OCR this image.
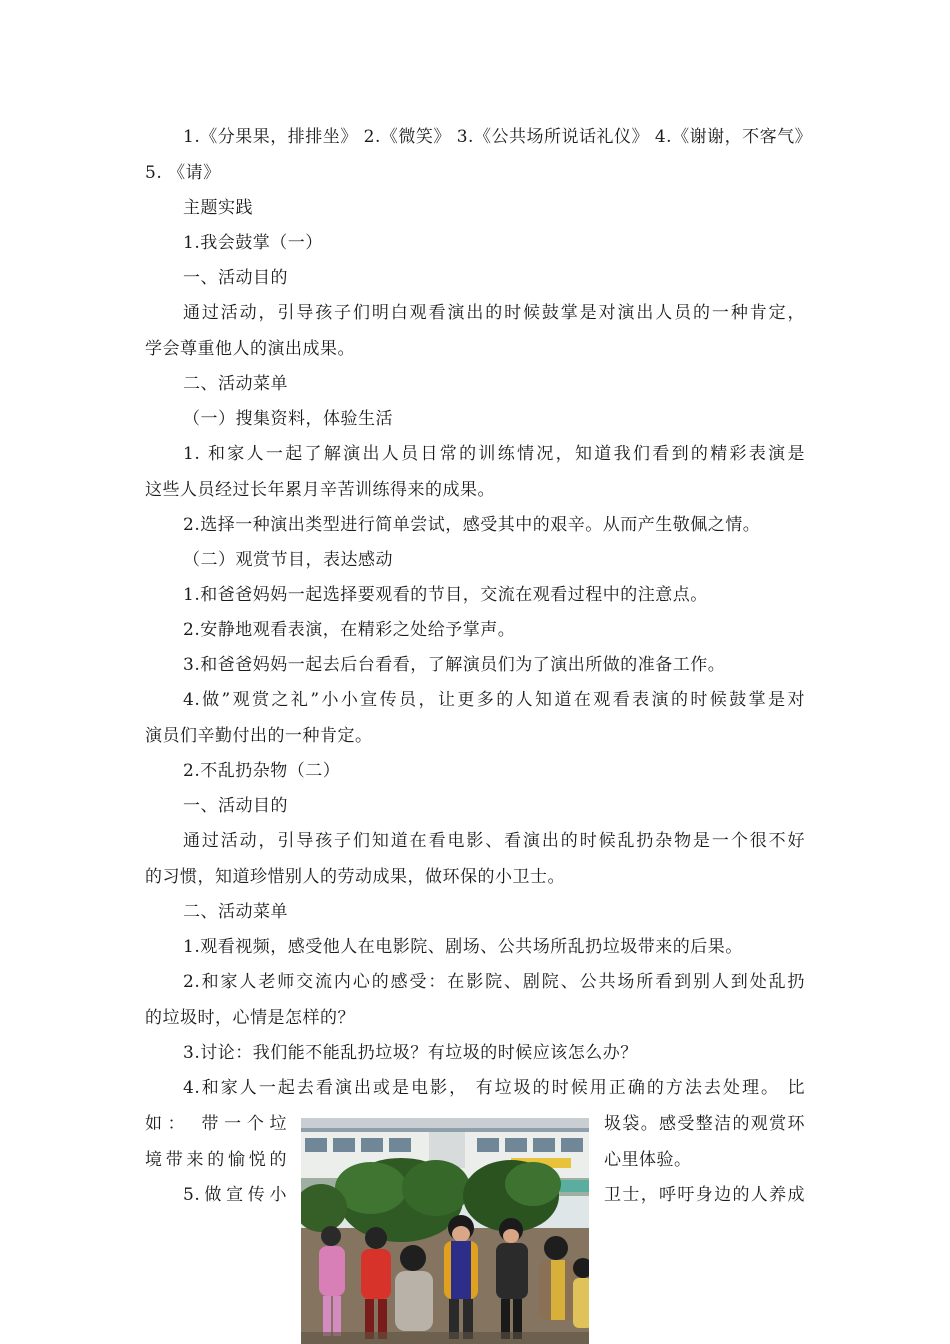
1.《分果果，排排坐》 2.《微笑》 3.《公共场所说话礼仪》 4.《谢谢，不客气》
5. 《请》
主题实践
1.我会鼓掌（一）
一、活动目的
通过活动，引导孩子们明白观看演出的时候鼓掌是对演出人员的一种肯定，
学会尊重他人的演出成果。
二、活动菜单
（一）搜集资料，体验生活
1. 和家人一起了解演出人员日常的训练情况，知道我们看到的精彩表演是
这些人员经过长年累月辛苦训练得来的成果。
2.选择一种演出类型进行简单尝试，感受其中的艰辛。从而产生敬佩之情。
（二）观赏节目，表达感动
1.和爸爸妈妈一起选择要观看的节目，交流在观看过程中的注意点。
2.安静地观看表演，在精彩之处给予掌声。
3.和爸爸妈妈一起去后台看看，了解演员们为了演出所做的准备工作。
4.做”观赏之礼”小小宣传员，让更多的人知道在观看表演的时候鼓掌是对
演员们辛勤付出的一种肯定。
2.不乱扔杂物（二）
一、活动目的
通过活动，引导孩子们知道在看电影、看演出的时候乱扔杂物是一个很不好
的习惯，知道珍惜别人的劳动成果，做环保的小卫士。
二、活动菜单
1.观看视频，感受他人在电影院、剧场、公共场所乱扔垃圾带来的后果。
2.和家人老师交流内心的感受：在影院、剧院、公共场所看到别人到处乱扔
的垃圾时，心情是怎样的？
3.讨论：我们能不能乱扔垃圾？有垃圾的时候应该怎么办？
4.和家人一起去看演出或是电影， 有垃圾的时候用正确的方法去处理。 比
如： 带一个垃	圾袋。感受整洁的观赏环
境带来的愉悦的	心里体验。
5.做宣传小	卫士，呼吁身边的人养成
